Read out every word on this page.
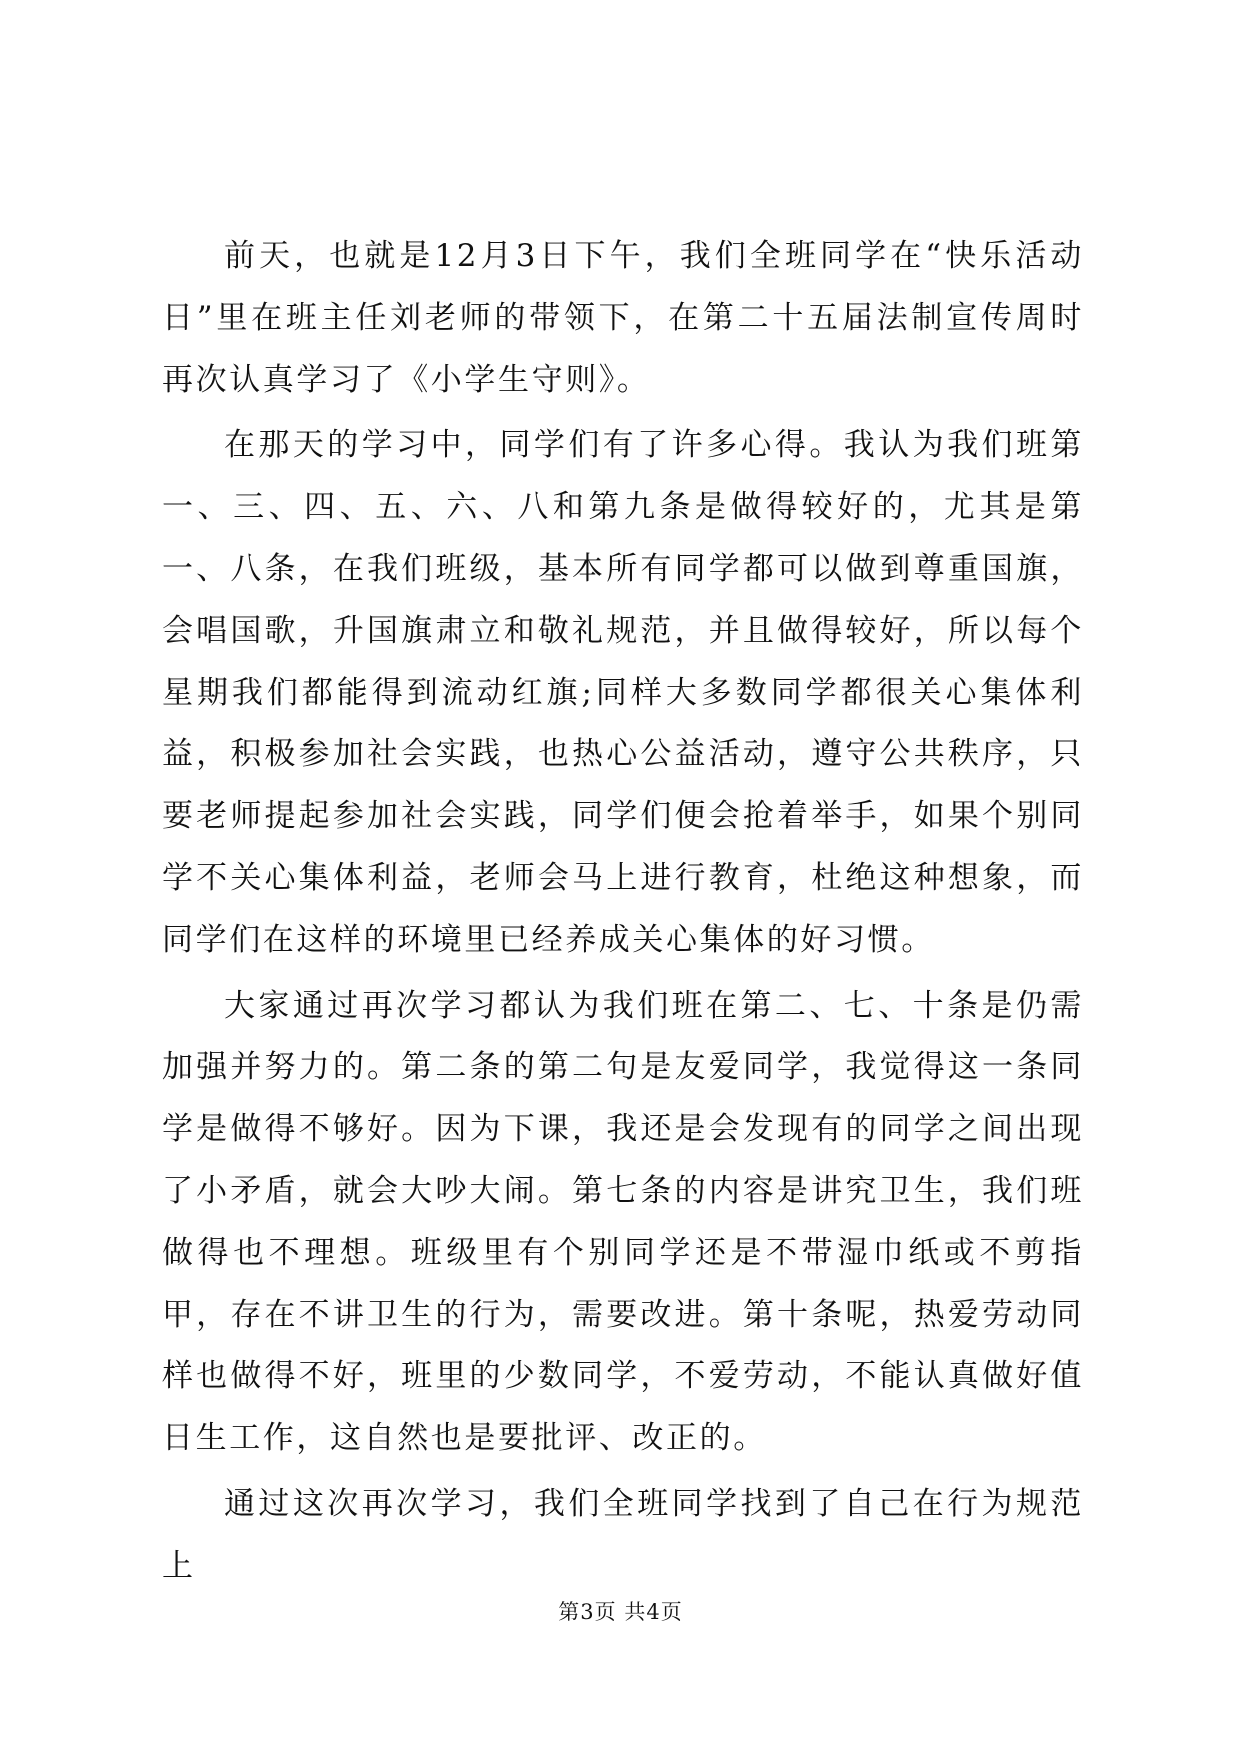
前天，也就是12月3日下午，我们全班同学在“快乐活动日”里在班主任刘老师的带领下，在第二十五届法制宣传周时再次认真学习了《小学生守则》。

在那天的学习中，同学们有了许多心得。我认为我们班第一、三、四、五、六、八和第九条是做得较好的，尤其是第一、八条，在我们班级，基本所有同学都可以做到尊重国旗，会唱国歌，升国旗肃立和敬礼规范，并且做得较好，所以每个星期我们都能得到流动红旗;同样大多数同学都很关心集体利益，积极参加社会实践，也热心公益活动，遵守公共秩序，只要老师提起参加社会实践，同学们便会抢着举手，如果个别同学不关心集体利益，老师会马上进行教育，杜绝这种想象，而同学们在这样的环境里已经养成关心集体的好习惯。

大家通过再次学习都认为我们班在第二、七、十条是仍需加强并努力的。第二条的第二句是友爱同学，我觉得这一条同学是做得不够好。因为下课，我还是会发现有的同学之间出现了小矛盾，就会大吵大闹。第七条的内容是讲究卫生，我们班做得也不理想。班级里有个别同学还是不带湿巾纸或不剪指甲，存在不讲卫生的行为，需要改进。第十条呢，热爱劳动同样也做得不好，班里的少数同学，不爱劳动，不能认真做好值日生工作，这自然也是要批评、改正的。

通过这次再次学习，我们全班同学找到了自己在行为规范上

第3页 共4页
